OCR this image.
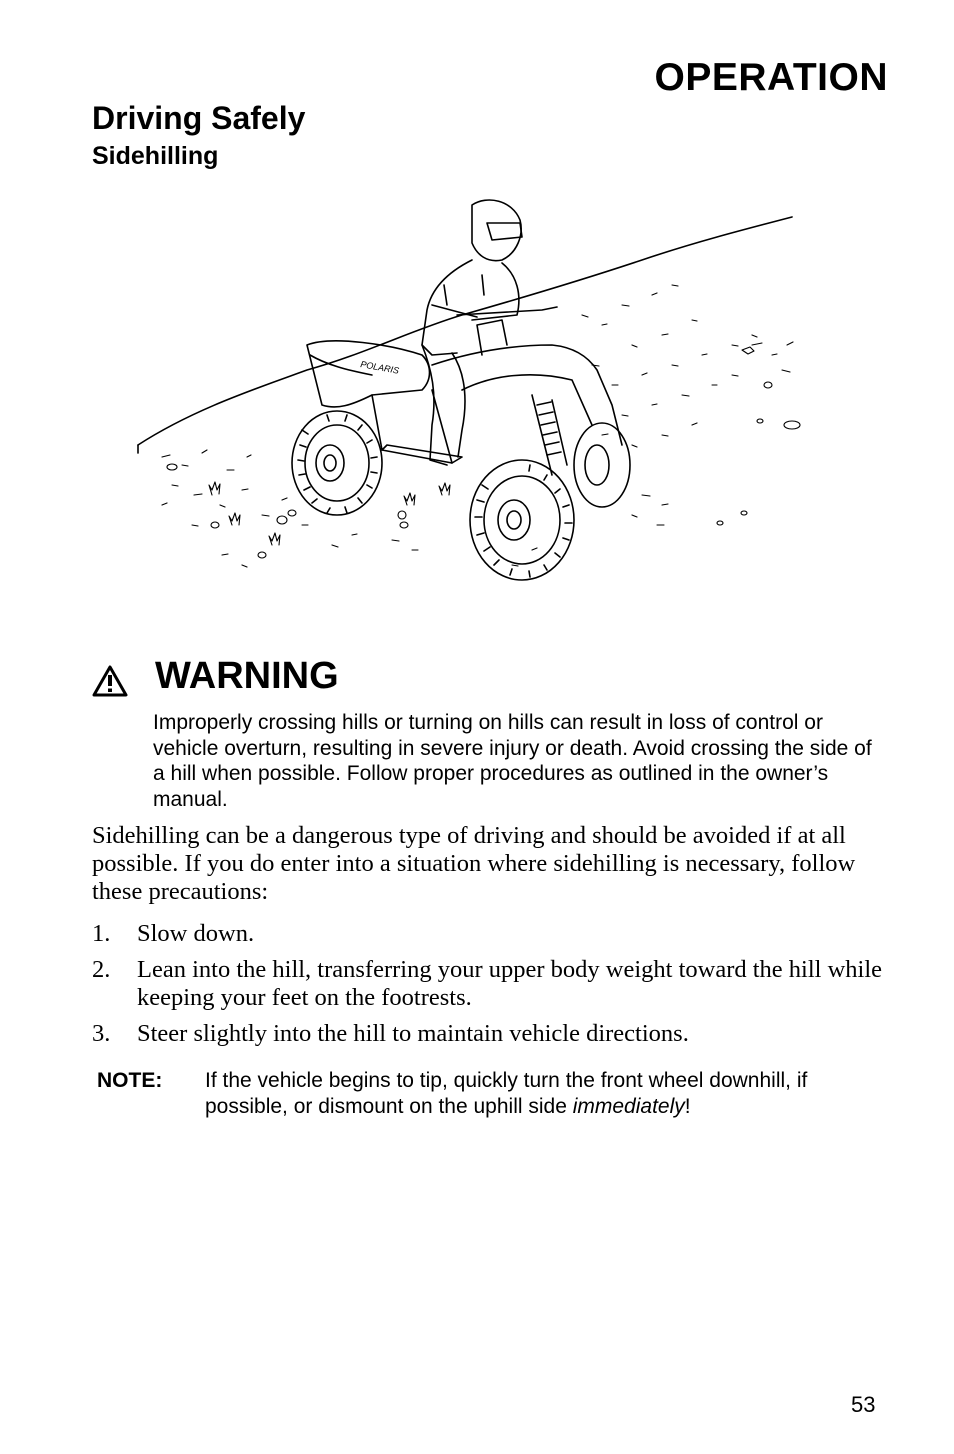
OPERATION
Driving Safely
Sidehilling
POLARIS
WARNING
Improperly crossing hills or turning on hills can result in loss of control or vehicle overturn, resulting in severe injury or death. Avoid crossing the side of a hill when possible. Follow proper procedures as outlined in the owner’s manual.

Sidehilling can be a dangerous type of driving and should be avoided if at all possible. If you do enter into a situation where sidehilling is necessary, follow these precautions:

1. Slow down.
2. Lean into the hill, transferring your upper body weight toward the hill while keeping your feet on the footrests.
3. Steer slightly into the hill to maintain vehicle directions.
NOTE: If the vehicle begins to tip, quickly turn the front wheel downhill, if possible, or dismount on the uphill side immediately!
53
